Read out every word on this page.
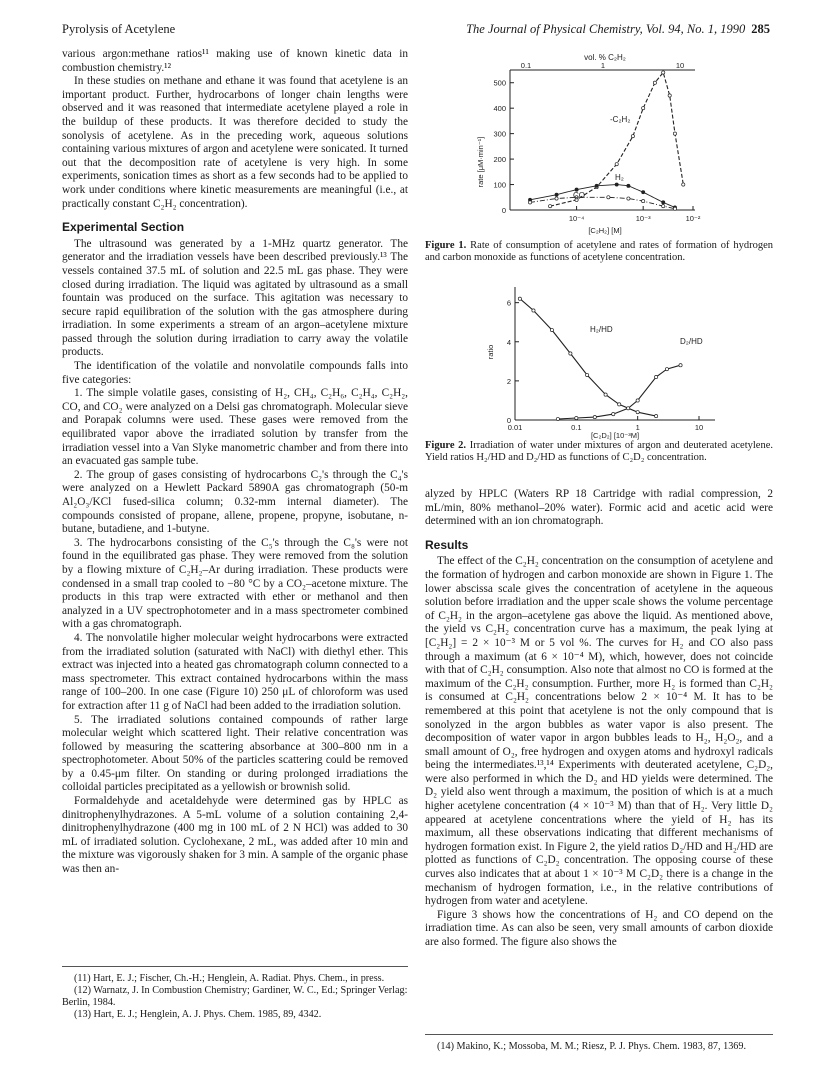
Pyrolysis of Acetylene	The Journal of Physical Chemistry, Vol. 94, No. 1, 1990 285

various argon:methane ratios¹¹ making use of known kinetic data in combustion chemistry.¹²

In these studies on methane and ethane it was found that acetylene is an important product. Further, hydrocarbons of longer chain lengths were observed and it was reasoned that intermediate acetylene played a role in the buildup of these products. It was therefore decided to study the sonolysis of acetylene. As in the preceding work, aqueous solutions containing various mixtures of argon and acetylene were sonicated. It turned out that the decomposition rate of acetylene is very high. In some experiments, sonication times as short as a few seconds had to be applied to work under conditions where kinetic measurements are meaningful (i.e., at practically constant C₂H₂ concentration).

Experimental Section

The ultrasound was generated by a 1-MHz quartz generator. The generator and the irradiation vessels have been described previously.¹³ The vessels contained 37.5 mL of solution and 22.5 mL gas phase. They were closed during irradiation. The liquid was agitated by ultrasound as a small fountain was produced on the surface. This agitation was necessary to secure rapid equilibration of the solution with the gas atmosphere during irradiation. In some experiments a stream of an argon–acetylene mixture passed through the solution during irradiation to carry away the volatile products.

The identification of the volatile and nonvolatile compounds falls into five categories:

1. The simple volatile gases, consisting of H₂, CH₄, C₂H₆, C₂H₄, C₂H₂, CO, and CO₂ were analyzed on a Delsi gas chromatograph. Molecular sieve and Porapak columns were used. These gases were removed from the equilibrated vapor above the irradiated solution by transfer from the irradiation vessel into a Van Slyke manometric chamber and from there into an evacuated gas sample tube.

2. The group of gases consisting of hydrocarbons C₂'s through the C₄'s were analyzed on a Hewlett Packard 5890A gas chromatograph (50-m Al₂O₃/KCl fused-silica column; 0.32-mm internal diameter). The compounds consisted of propane, allene, propene, propyne, isobutane, n-butane, butadiene, and 1-butyne.

3. The hydrocarbons consisting of the C₅'s through the C₈'s were not found in the equilibrated gas phase. They were removed from the solution by a flowing mixture of C₂H₂–Ar during irradiation. These products were condensed in a small trap cooled to −80 °C by a CO₂–acetone mixture. The products in this trap were extracted with ether or methanol and then analyzed in a UV spectrophotometer and in a mass spectrometer combined with a gas chromatograph.

4. The nonvolatile higher molecular weight hydrocarbons were extracted from the irradiated solution (saturated with NaCl) with diethyl ether. This extract was injected into a heated gas chromatograph column connected to a mass spectrometer. This extract contained hydrocarbons within the mass range of 100–200. In one case (Figure 10) 250 μL of chloroform was used for extraction after 11 g of NaCl had been added to the irradiation solution.

5. The irradiated solutions contained compounds of rather large molecular weight which scattered light. Their relative concentration was followed by measuring the scattering absorbance at 300–800 nm in a spectrophotometer. About 50% of the particles scattering could be removed by a 0.45-μm filter. On standing or during prolonged irradiations the colloidal particles precipitated as a yellowish or brownish solid.

Formaldehyde and acetaldehyde were determined gas by HPLC as dinitrophenylhydrazones. A 5-mL volume of a solution containing 2,4-dinitrophenylhydrazone (400 mg in 100 mL of 2 N HCl) was added to 30 mL of irradiated solution. Cyclohexane, 2 mL, was added after 10 min and the mixture was vigorously shaken for 3 min. A sample of the organic phase was then an-

(11) Hart, E. J.; Fischer, Ch.-H.; Henglein, A. Radiat. Phys. Chem., in press.
(12) Warnatz, J. In Combustion Chemistry; Gardiner, W. C., Ed.; Springer Verlag: Berlin, 1984.
(13) Hart, E. J.; Henglein, A. J. Phys. Chem. 1985, 89, 4342.
vol. % C₂H₂
0.1	1	10
rate [μM·min⁻¹]
[C₂H₂] [M]
0
100
200
300
400
500
10⁻⁴	10⁻³	10⁻²
-C₂H₂
H₂
CO
Figure 1. Rate of consumption of acetylene and rates of formation of hydrogen and carbon monoxide as functions of acetylene concentration.
ratio
[C₂D₂] [10⁻³M]
0
2
4
6
0.01	0.1	1	10
H₂/HD
D₂/HD
Figure 2. Irradiation of water under mixtures of argon and deuterated acetylene. Yield ratios H₂/HD and D₂/HD as functions of C₂D₂ concentration.

alyzed by HPLC (Waters RP 18 Cartridge with radial compression, 2 mL/min, 80% methanol–20% water). Formic acid and acetic acid were determined with an ion chromatograph.

Results

The effect of the C₂H₂ concentration on the consumption of acetylene and the formation of hydrogen and carbon monoxide are shown in Figure 1. The lower abscissa scale gives the concentration of acetylene in the aqueous solution before irradiation and the upper scale shows the volume percentage of C₂H₂ in the argon–acetylene gas above the liquid. As mentioned above, the yield vs C₂H₂ concentration curve has a maximum, the peak lying at [C₂H₂] = 2 × 10⁻³ M or 5 vol %. The curves for H₂ and CO also pass through a maximum (at 6 × 10⁻⁴ M), which, however, does not coincide with that of C₂H₂ consumption. Also note that almost no CO is formed at the maximum of the C₂H₂ consumption. Further, more H₂ is formed than C₂H₂ is consumed at C₂H₂ concentrations below 2 × 10⁻⁴ M. It has to be remembered at this point that acetylene is not the only compound that is sonolyzed in the argon bubbles as water vapor is also present. The decomposition of water vapor in argon bubbles leads to H₂, H₂O₂, and a small amount of O₂, free hydrogen and oxygen atoms and hydroxyl radicals being the intermediates.¹³,¹⁴ Experiments with deuterated acetylene, C₂D₂, were also performed in which the D₂ and HD yields were determined. The D₂ yield also went through a maximum, the position of which is at a much higher acetylene concentration (4 × 10⁻³ M) than that of H₂. Very little D₂ appeared at acetylene concentrations where the yield of H₂ has its maximum, all these observations indicating that different mechanisms of hydrogen formation exist. In Figure 2, the yield ratios D₂/HD and H₂/HD are plotted as functions of C₂D₂ concentration. The opposing course of these curves also indicates that at about 1 × 10⁻³ M C₂D₂ there is a change in the mechanism of hydrogen formation, i.e., in the relative contributions of hydrogen from water and acetylene.

Figure 3 shows how the concentrations of H₂ and CO depend on the irradiation time. As can also be seen, very small amounts of carbon dioxide are also formed. The figure also shows the

(14) Makino, K.; Mossoba, M. M.; Riesz, P. J. Phys. Chem. 1983, 87, 1369.
